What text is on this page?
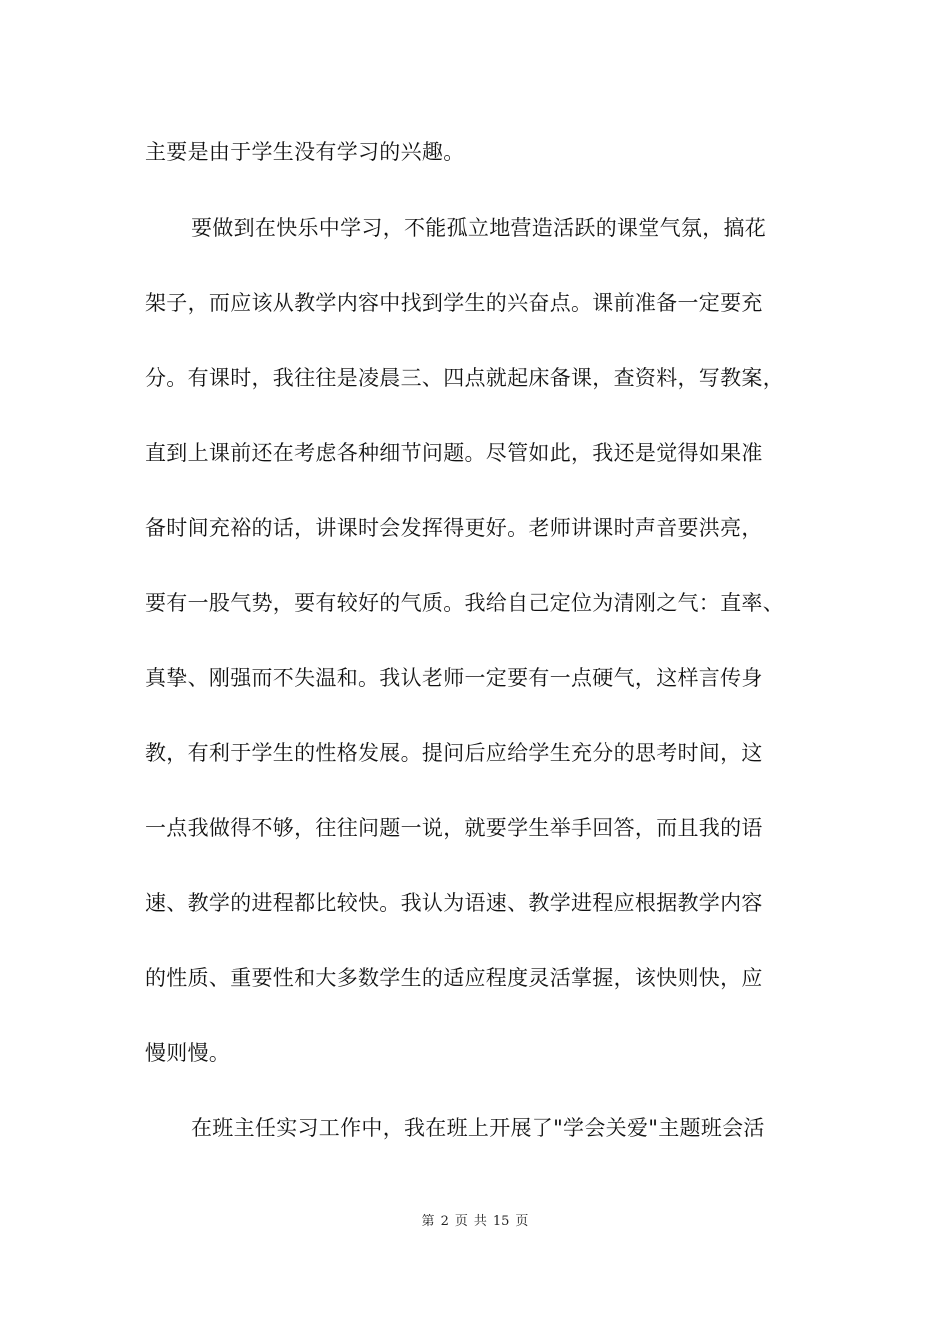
主要是由于学生没有学习的兴趣。
要做到在快乐中学习，不能孤立地营造活跃的课堂气氛，搞花
架子，而应该从教学内容中找到学生的兴奋点。课前准备一定要充
分。有课时，我往往是凌晨三、四点就起床备课，查资料，写教案，
直到上课前还在考虑各种细节问题。尽管如此，我还是觉得如果准
备时间充裕的话，讲课时会发挥得更好。老师讲课时声音要洪亮，
要有一股气势，要有较好的气质。我给自己定位为清刚之气：直率、
真挚、刚强而不失温和。我认老师一定要有一点硬气，这样言传身
教，有利于学生的性格发展。提问后应给学生充分的思考时间，这
一点我做得不够，往往问题一说，就要学生举手回答，而且我的语
速、教学的进程都比较快。我认为语速、教学进程应根据教学内容
的性质、重要性和大多数学生的适应程度灵活掌握，该快则快，应
慢则慢。
在班主任实习工作中，我在班上开展了"学会关爱"主题班会活
第 2 页 共 15 页
